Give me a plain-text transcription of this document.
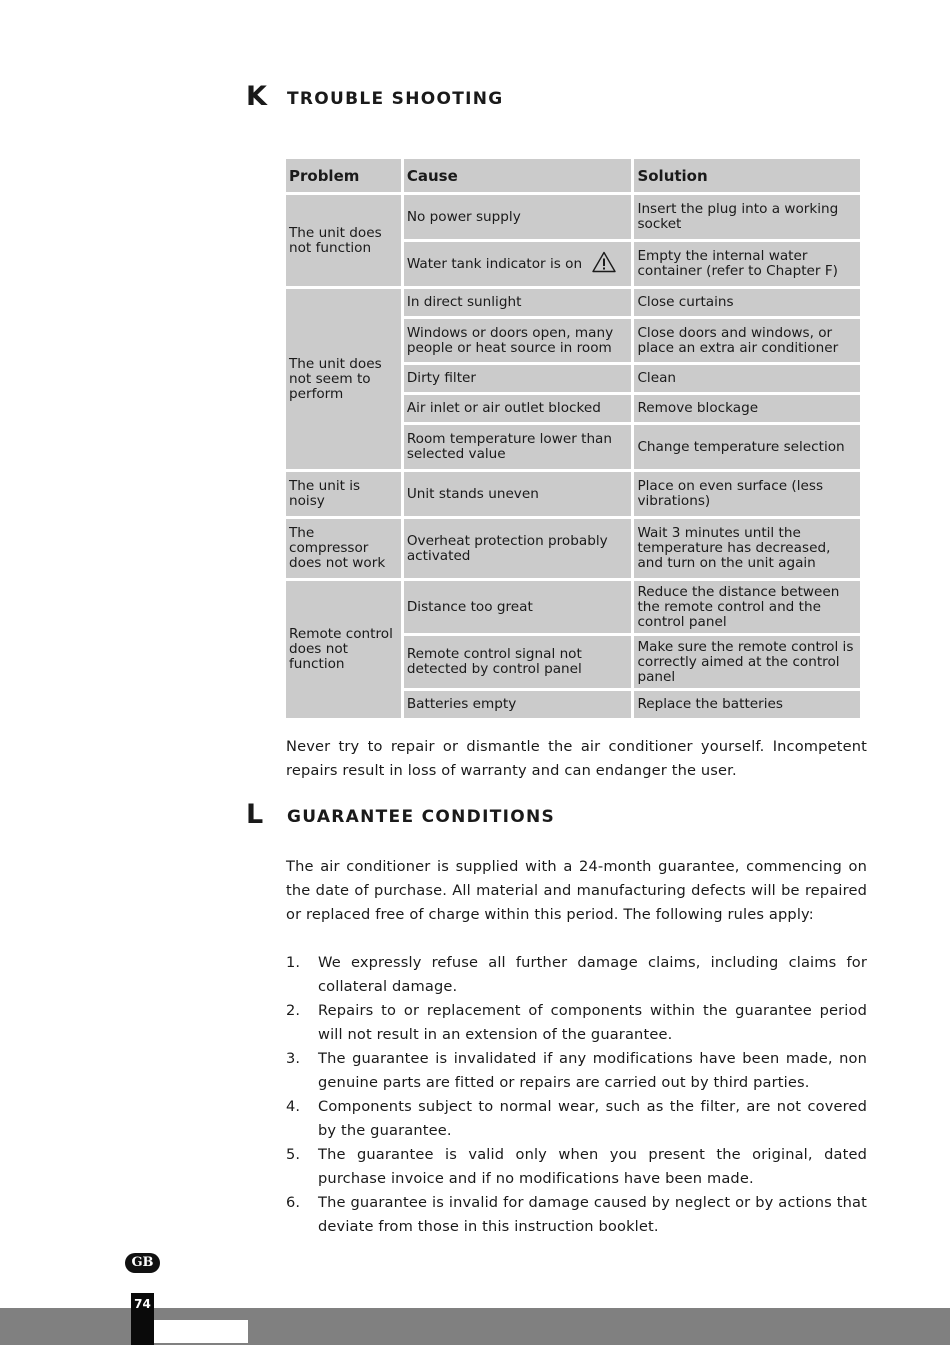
K TROUBLE SHOOTING
Problem	Cause	Solution
The unit does not function	No power supply	Insert the plug into a working socket
	Water tank indicator is on	Empty the internal water container (refer to Chapter F)
The unit does not seem to perform	In direct sunlight	Close curtains
	Windows or doors open, many people or heat source in room	Close doors and windows, or place an extra air conditioner
	Dirty filter	Clean
	Air inlet or air outlet blocked	Remove blockage
	Room temperature lower than selected value	Change temperature selection
The unit is noisy	Unit stands uneven	Place on even surface (less vibrations)
The compressor does not work	Overheat protection probably activated	Wait 3 minutes until the temperature has decreased, and turn on the unit again
Remote control does not function	Distance too great	Reduce the distance between the remote control and the control panel
	Remote control signal not detected by control panel	Make sure the remote control is correctly aimed at the control panel
	Batteries empty	Replace the batteries

Never try to repair or dismantle the air conditioner yourself. Incompetent repairs result in loss of warranty and can endanger the user.

L GUARANTEE CONDITIONS

The air conditioner is supplied with a 24-month guarantee, commencing on the date of purchase. All material and manufacturing defects will be repaired or replaced free of charge within this period. The following rules apply:

1. We expressly refuse all further damage claims, including claims for collateral damage.
2. Repairs to or replacement of components within the guarantee period will not result in an extension of the guarantee.
3. The guarantee is invalidated if any modifications have been made, non genuine parts are fitted or repairs are carried out by third parties.
4. Components subject to normal wear, such as the filter, are not covered by the guarantee.
5. The guarantee is valid only when you present the original, dated purchase invoice and if no modifications have been made.
6. The guarantee is invalid for damage caused by neglect or by actions that deviate from those in this instruction booklet.
GB
74
